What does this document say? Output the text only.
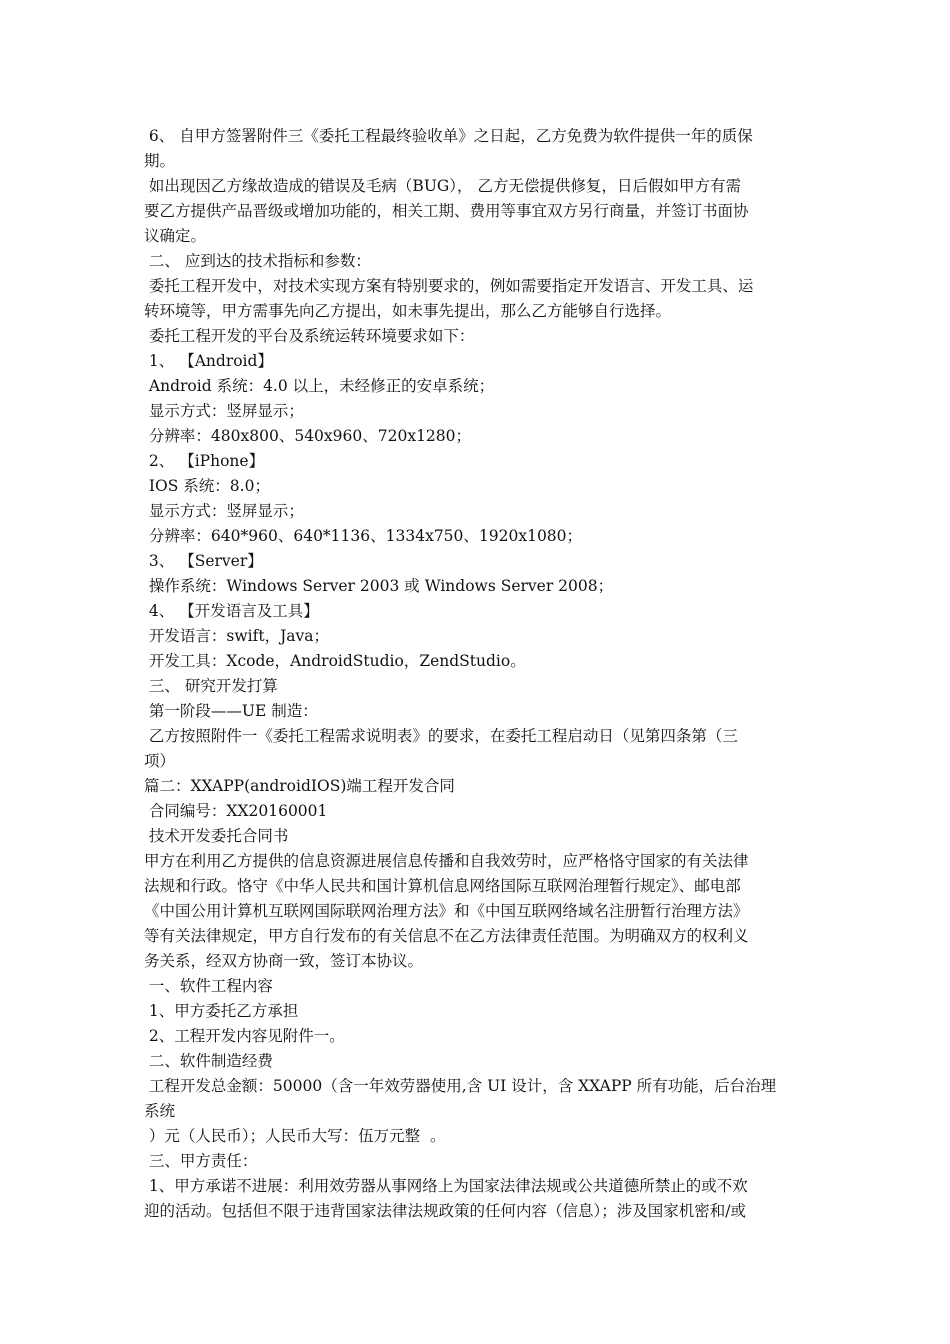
6、 自甲方签署附件三《委托工程最终验收单》之日起，乙方免费为软件提供一年的质保
期。
如出现因乙方缘故造成的错误及毛病（BUG）， 乙方无偿提供修复，日后假如甲方有需
要乙方提供产品晋级或增加功能的，相关工期、费用等事宜双方另行商量，并签订书面协
议确定。
二、 应到达的技术指标和参数：
委托工程开发中，对技术实现方案有特别要求的，例如需要指定开发语言、开发工具、运
转环境等，甲方需事先向乙方提出，如未事先提出，那么乙方能够自行选择。
委托工程开发的平台及系统运转环境要求如下：
1、 【Android】
Android 系统：4.0 以上，未经修正的安卓系统；
显示方式：竖屏显示；
分辨率：480x800、540x960、720x1280；
2、 【iPhone】
IOS 系统：8.0；
显示方式：竖屏显示；
分辨率：640*960、640*1136、1334x750、1920x1080；
3、 【Server】
操作系统：Windows Server 2003 或 Windows Server 2008；
4、 【开发语言及工具】
开发语言：swift，Java；
开发工具：Xcode，AndroidStudio，ZendStudio。
三、 研究开发打算
第一阶段——UE 制造：
乙方按照附件一《委托工程需求说明表》的要求，在委托工程启动日（见第四条第（三
项）
篇二：XXAPP(androidIOS)端工程开发合同
合同编号：XX20160001
技术开发委托合同书
甲方在利用乙方提供的信息资源进展信息传播和自我效劳时，应严格恪守国家的有关法律
法规和行政。恪守《中华人民共和国计算机信息网络国际互联网治理暂行规定》、邮电部
《中国公用计算机互联网国际联网治理方法》和《中国互联网络域名注册暂行治理方法》
等有关法律规定，甲方自行发布的有关信息不在乙方法律责任范围。为明确双方的权利义
务关系，经双方协商一致，签订本协议。
一、软件工程内容
1、甲方委托乙方承担
2、工程开发内容见附件一。
二、软件制造经费
工程开发总金额：50000（含一年效劳器使用,含 UI 设计，含 XXAPP 所有功能，后台治理
系统
）元（人民币）；人民币大写：伍万元整  。
三、甲方责任：
1、甲方承诺不进展：利用效劳器从事网络上为国家法律法规或公共道德所禁止的或不欢
迎的活动。包括但不限于违背国家法律法规政策的任何内容（信息）；涉及国家机密和/或
